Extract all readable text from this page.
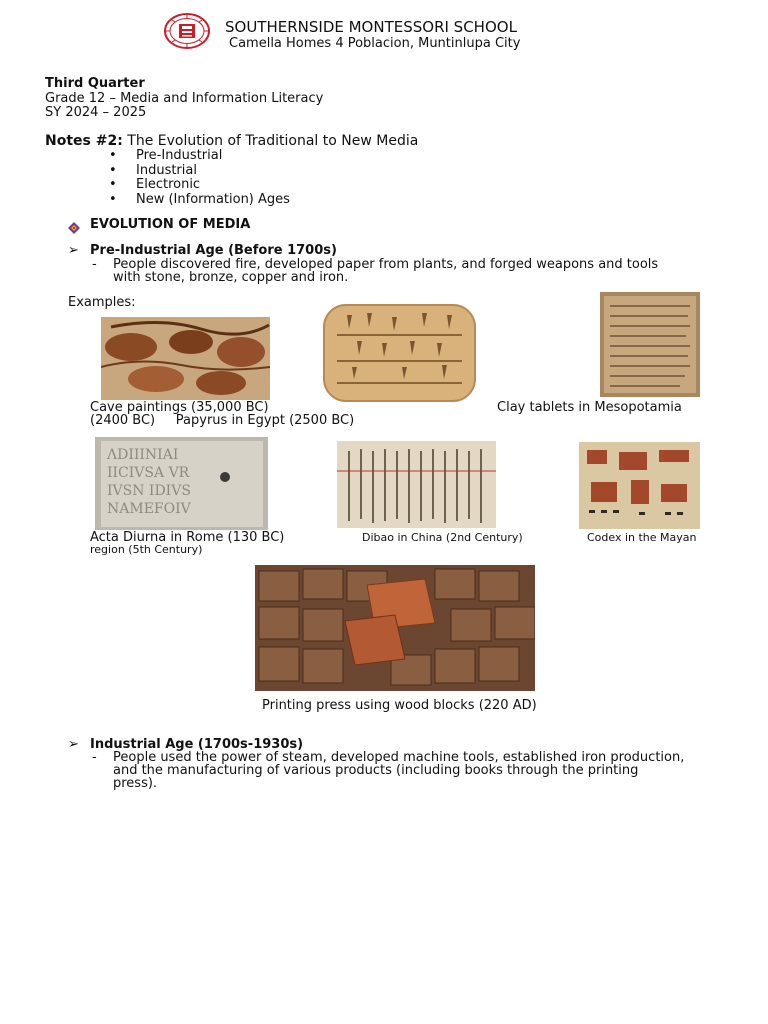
SOUTHERNSIDE MONTESSORI SCHOOL
Camella Homes 4 Poblacion, Muntinlupa City
Third Quarter
Grade 12 – Media and Information Literacy
SY 2024 – 2025
Notes #2: The Evolution of Traditional to New Media
• Pre-Industrial
• Industrial
• Electronic
• New (Information) Ages
EVOLUTION OF MEDIA
➢ Pre-Industrial Age (Before 1700s)
- People discovered fire, developed paper from plants, and forged weapons and tools
with stone, bronze, copper and iron.
Examples:
Cave paintings (35,000 BC)	Clay tablets in Mesopotamia
(2400 BC)     Papyrus in Egypt (2500 BC)
ΛDIIINIAI
IICIVSA VR
IVSN IDIVS
NAMEFOIV
Acta Diurna in Rome (130 BC)	Dibao in China (2nd Century)	Codex in the Mayan
region (5th Century)
Printing press using wood blocks (220 AD)
➢ Industrial Age (1700s-1930s)
- People used the power of steam, developed machine tools, established iron production,
and the manufacturing of various products (including books through the printing
press).
